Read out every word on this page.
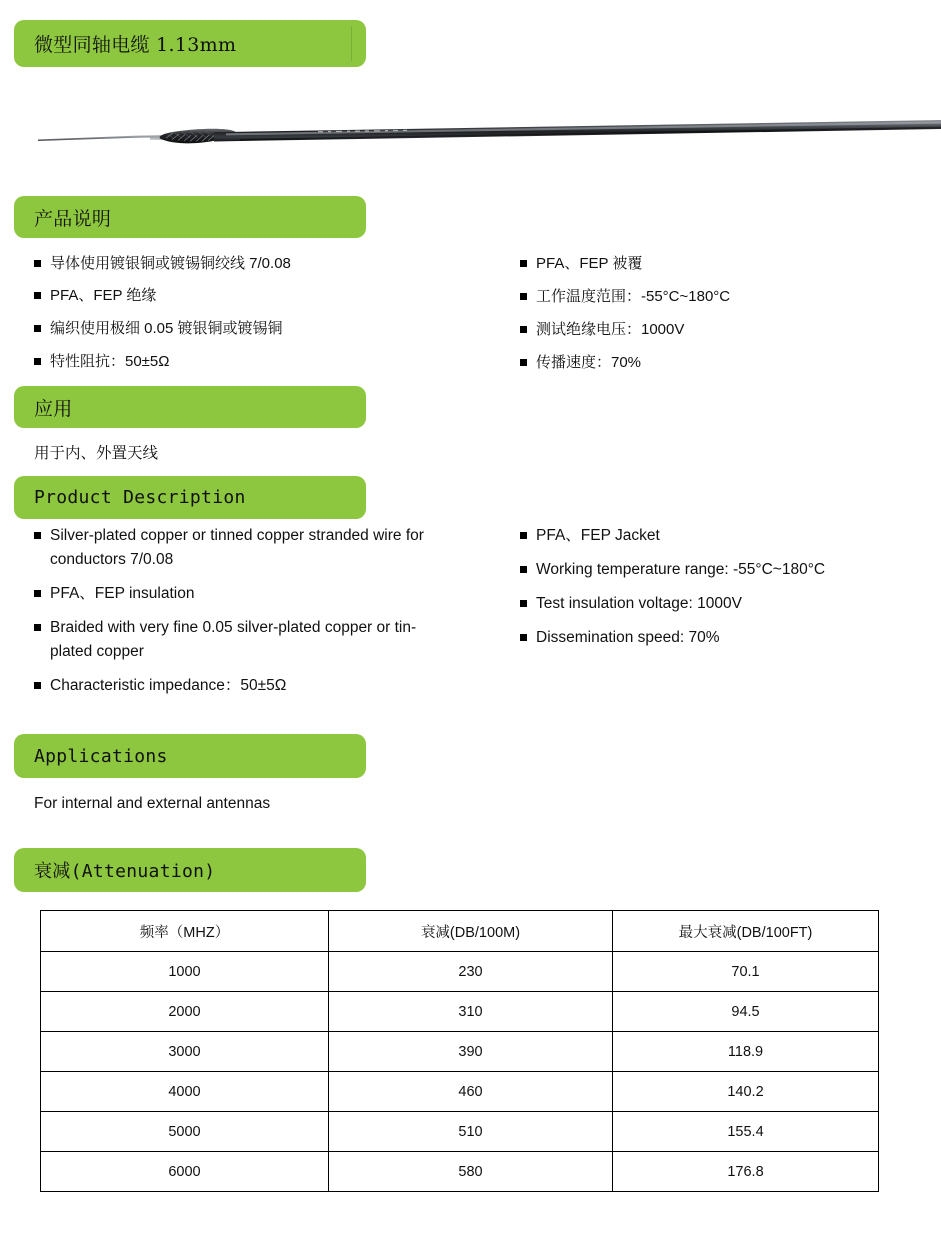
微型同轴电缆 1.13mm
产品说明
导体使用镀银铜或镀锡铜绞线 7/0.08
PFA、FEP 绝缘
编织使用极细 0.05 镀银铜或镀锡铜
特性阻抗：50±5Ω
PFA、FEP 被覆
工作温度范围：-55°C~180°C
测试绝缘电压：1000V
传播速度：70%
应用
用于内、外置天线
Product Description
Silver-plated copper or tinned copper stranded wire for conductors 7/0.08
PFA、FEP insulation
Braided with very fine 0.05 silver-plated copper or tin-plated copper
Characteristic impedance：50±5Ω
PFA、FEP Jacket
Working temperature range: -55°C~180°C
Test insulation voltage: 1000V
Dissemination speed: 70%
Applications
For internal and external antennas
衰减(Attenuation)
频率（MHZ）	衰减(DB/100M)	最大衰减(DB/100FT)
1000	230	70.1
2000	310	94.5
3000	390	118.9
4000	460	140.2
5000	510	155.4
6000	580	176.8
